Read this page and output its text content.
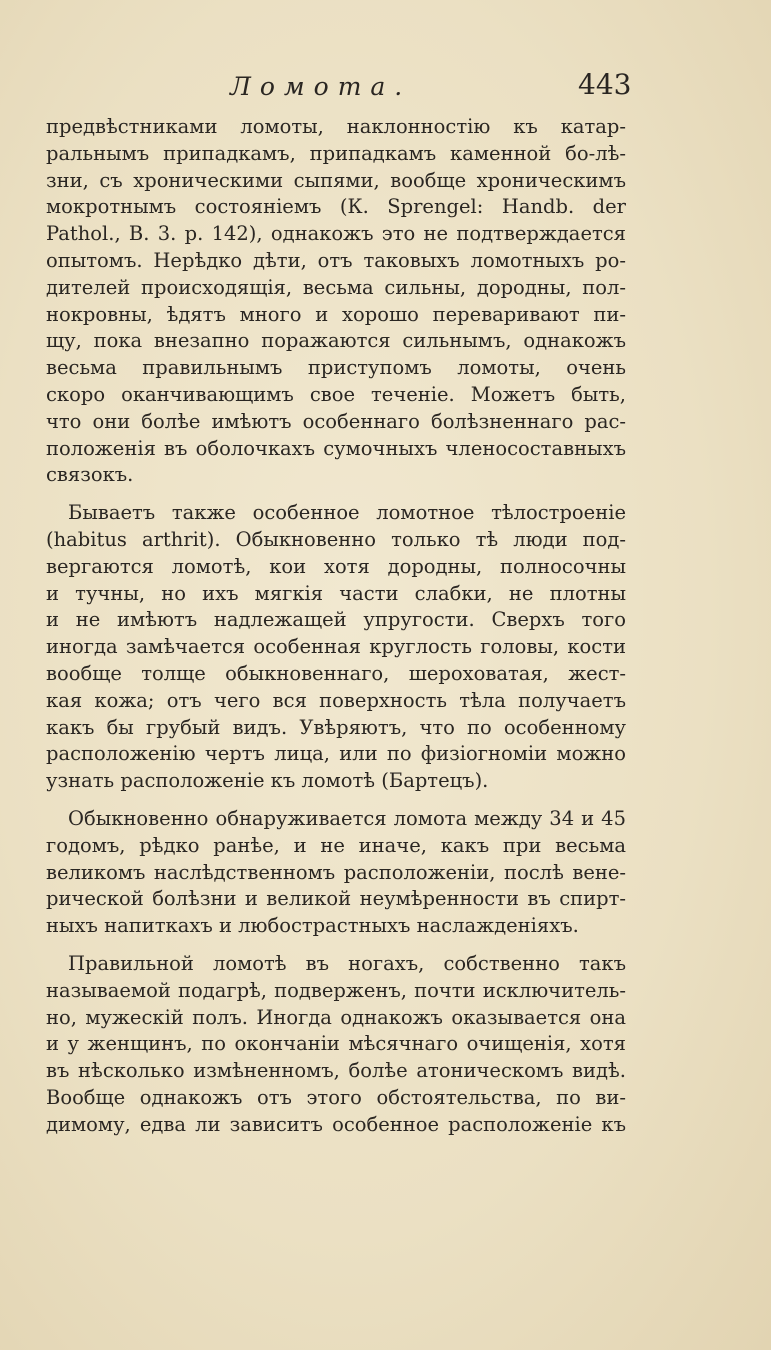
Ломота.	443
предвѣстниками ломоты, наклонностію къ катар-
ральнымъ припадкамъ, припадкамъ каменной бо-лѣ-
зни, съ хроническими сыпями, вообще хроническимъ
мокротнымъ состояніемъ (К. Sprengel: Handb. der
Pathol., B. 3. p. 142), однакожъ это не подтверждается
опытомъ. Нерѣдко дѣти, отъ таковыхъ ломотныхъ ро-
дителей происходящія, весьма сильны, дородны, пол-
нокровны, ѣдятъ много и хорошо переваривают пи-
щу, пока внезапно поражаются сильнымъ, однакожъ
весьма правильнымъ приступомъ ломоты, очень
скоро оканчивающимъ свое теченіе. Можетъ быть,
что они болѣе имѣютъ особеннаго болѣзненнаго рас-
положенія въ оболочкахъ сумочныхъ членосоставныхъ
связокъ.
Бываетъ также особенное ломотное тѣлостроеніе
(habitus arthrit). Обыкновенно только тѣ люди под-
вергаются ломотѣ, кои хотя дородны, полносочны
и тучны, но ихъ мягкія части слабки, не плотны
и не имѣютъ надлежащей упругости. Сверхъ того
иногда замѣчается особенная круглость головы, кости
вообще толще обыкновеннаго, шероховатая, жест-
кая кожа; отъ чего вся поверхность тѣла получаетъ
какъ бы грубый видъ. Увѣряютъ, что по особенному
расположенію чертъ лица, или по физіогноміи можно
узнать расположеніе къ ломотѣ (Бартецъ).
Обыкновенно обнаруживается ломота между 34 и 45
годомъ, рѣдко ранѣе, и не иначе, какъ при весьма
великомъ наслѣдственномъ расположеніи, послѣ вене-
рической болѣзни и великой неумѣренности въ спирт-
ныхъ напиткахъ и любострастныхъ наслажденіяхъ.
Правильной ломотѣ въ ногахъ, собственно такъ
называемой подагрѣ, подверженъ, почти исключитель-
но, мужескій полъ. Иногда однакожъ оказывается она
и у женщинъ, по окончаніи мѣсячнаго очищенія, хотя
въ нѣсколько измѣненномъ, болѣе атоническомъ видѣ.
Вообще однакожъ отъ этого обстоятельства, по ви-
димому, едва ли зависитъ особенное расположеніе къ
